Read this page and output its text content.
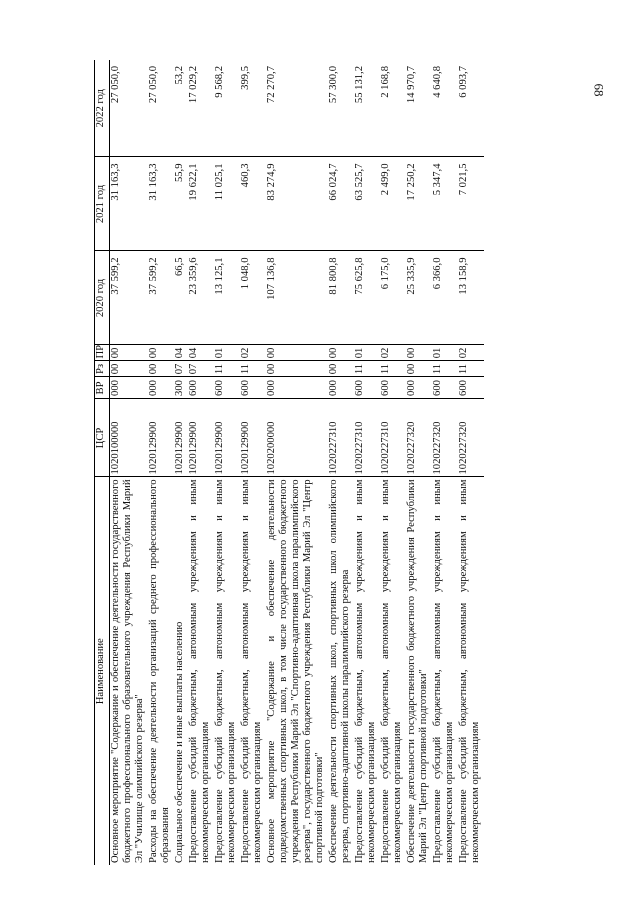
68
Наименование	ЦСР	ВР	Рз	ПР	2020 год	2021 год	2022 год
Основное мероприятие "Содержание и обеспечение деятельности государственного бюджетного профессионального образовательного учреждения Республики Марий Эл "Училище олимпийского резерва"	1020100000	000	00	00	37 599,2	31 163,3	27 050,0
Расходы на обеспечение деятельности организаций среднего профессионального образования	1020129900	000	00	00	37 599,2	31 163,3	27 050,0
Социальное обеспечение и иные выплаты населению	1020129900	300	07	04	66,5	55,9	53,2
Предоставление субсидий бюджетным, автономным учреждениям и иным некоммерческим организациям	1020129900	600	07	04	23 359,6	19 622,1	17 029,2
Предоставление субсидий бюджетным, автономным учреждениям и иным некоммерческим организациям	1020129900	600	11	01	13 125,1	11 025,1	9 568,2
Предоставление субсидий бюджетным, автономным учреждениям и иным некоммерческим организациям	1020129900	600	11	02	1 048,0	460,3	399,5
Основное мероприятие "Содержание и обеспечение деятельности подведомственных спортивных школ, в том числе государственного бюджетного учреждения Республики Марий Эл "Спортивно-адаптивная школа паралимпийского резерва", государственного бюджетного учреждения Республики Марий Эл "Центр спортивной подготовки"	1020200000	000	00	00	107 136,8	83 274,9	72 270,7
Обеспечение деятельности спортивных школ, спортивных школ олимпийского резерва, спортивно-адаптивной школы паралимпийского резерва	1020227310	000	00	00	81 800,8	66 024,7	57 300,0
Предоставление субсидий бюджетным, автономным учреждениям и иным некоммерческим организациям	1020227310	600	11	01	75 625,8	63 525,7	55 131,2
Предоставление субсидий бюджетным, автономным учреждениям и иным некоммерческим организациям	1020227310	600	11	02	6 175,0	2 499,0	2 168,8
Обеспечение деятельности государственного бюджетного учреждения Республики Марий Эл "Центр спортивной подготовки"	1020227320	000	00	00	25 335,9	17 250,2	14 970,7
Предоставление субсидий бюджетным, автономным учреждениям и иным некоммерческим организациям	1020227320	600	11	01	6 366,0	5 347,4	4 640,8
Предоставление субсидий бюджетным, автономным учреждениям и иным некоммерческим организациям	1020227320	600	11	02	13 158,9	7 021,5	6 093,7
